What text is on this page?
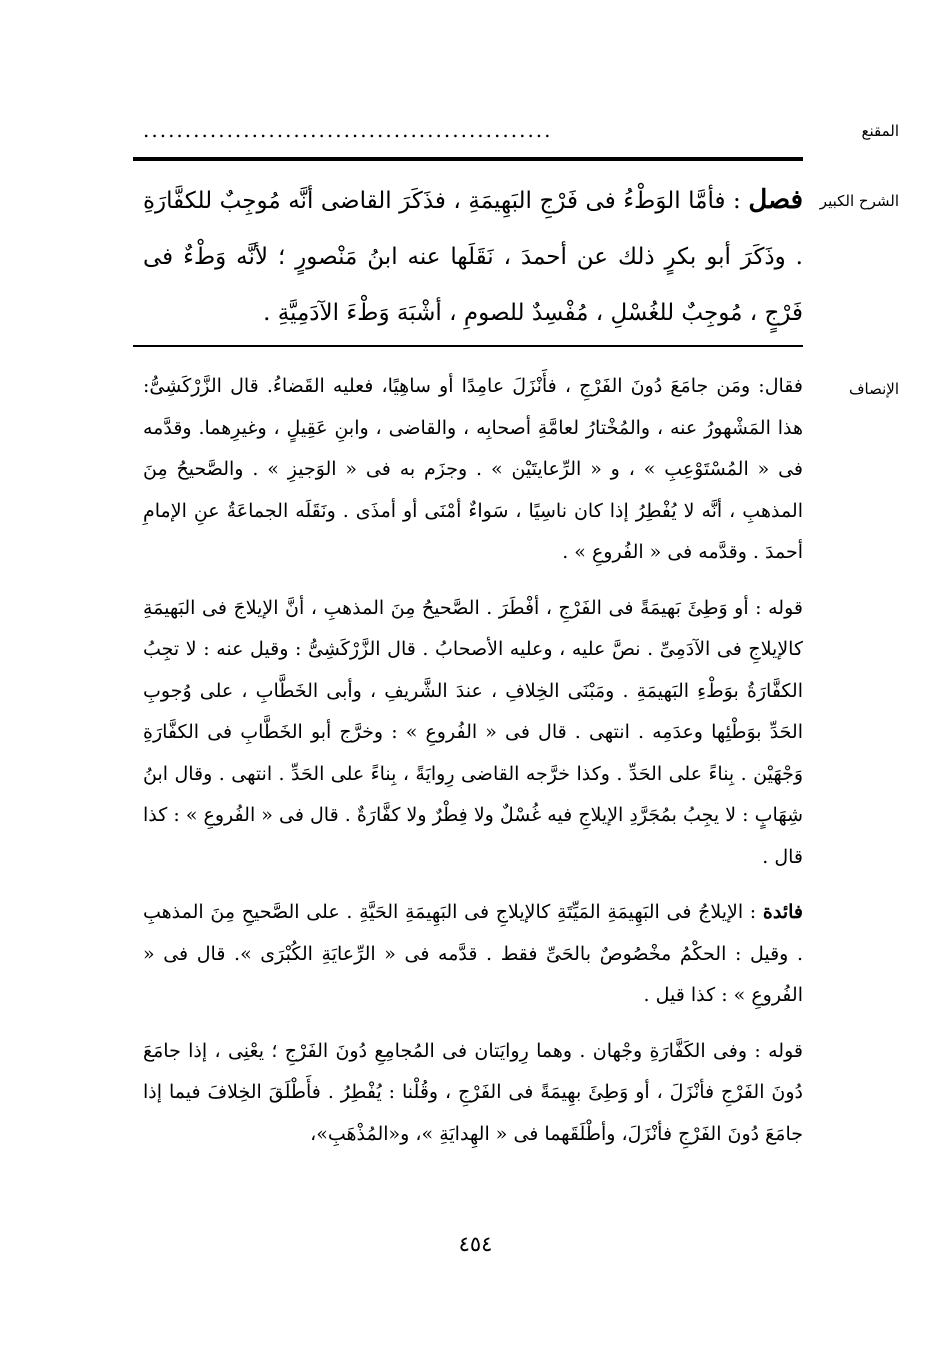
المقنع
.................................................
الشرح الكبير
فصل : فأمَّا الوَطْءُ فى فَرْجِ البَهِيمَةِ ، فذَكَرَ القاضى أنَّه مُوجِبٌ للكفَّارَةِ . وذَكَرَ أبو بكرٍ ذلك عن أحمدَ ، نَقَلَها عنه ابنُ مَنْصورٍ ؛ لأنَّه وَطْءٌ فى فَرْجٍ ، مُوجِبٌ للغُسْلِ ، مُفْسِدٌ للصومِ ، أشْبَهَ وَطْءَ الآدَمِيَّةِ .
الإنصاف

فقال: ومَن جامَعَ دُونَ الفَرْجِ ، فأَنْزَلَ عامِدًا أو ساهِيًا، فعليه القَضاءُ. قال الزَّرْكَشِىُّ: هذا المَشْهورُ عنه ، والمُخْتارُ لعامَّةِ أصحابِه ، والقاضى ، وابنِ عَقِيلٍ ، وغيرِهما. وقدَّمه فى « المُسْتَوْعِبِ » ، و « الرِّعايتَيْن » . وجزَم به فى « الوَجيزِ » . والصَّحيحُ مِنَ المذهبِ ، أنَّه لا يُفْطِرُ إذا كان ناسِيًا ، سَواءٌ أمْنَى أو أمذَى . ونَقَلَه الجماعَةُ عنِ الإمامِ أحمدَ . وقدَّمه فى « الفُروعِ » .

قوله : أو وَطِئَ بَهيمَةً فى الفَرْجِ ، أفْطَرَ . الصَّحيحُ مِنَ المذهبِ ، أنَّ الإيلاجَ فى البَهيمَةِ كالإيلاجِ فى الآدَمِىِّ . نصَّ عليه ، وعليه الأصحابُ . قال الزَّرْكَشِىُّ : وقيل عنه : لا تجِبُ الكفَّارَةُ بوَطْءِ البَهيمَةِ . ومَبْنَى الخِلافِ ، عندَ الشَّريفِ ، وأبى الخَطَّابِ ، على وُجوبِ الحَدِّ بوَطْئِها وعدَمِه . انتهى . قال فى « الفُروعِ » : وخرَّج أبو الخَطَّابِ فى الكفَّارَةِ وَجْهَيْن . بِناءً على الحَدِّ . وكذا خرَّجه القاضى رِوايَةً ، بِناءً على الحَدِّ . انتهى . وقال ابنُ شِهَابٍ : لا يجِبُ بمُجَرَّدِ الإيلاجِ فيه غُسْلٌ ولا فِطْرٌ ولا كفَّارَةٌ . قال فى « الفُروعِ » : كذا قال .

فائدة : الإيلاجُ فى البَهِيمَةِ المَيِّتَةِ كالإيلاجِ فى البَهِيمَةِ الحَيَّةِ . على الصَّحيحِ مِنَ المذهبِ . وقيل : الحكْمُ مخْصُوصٌ بالحَىِّ فقط . قدَّمه فى « الرِّعايَةِ الكُبْرَى ». قال فى « الفُروعِ » : كذا قيل .

قوله : وفى الكَفَّارَةِ وجْهان . وهما رِوايَتان فى المُجامِعِ دُونَ الفَرْجِ ؛ يعْنِى ، إذا جامَعَ دُونَ الفَرْجِ فأنْزَلَ ، أو وَطِئَ بهِيمَةً فى الفَرْجِ ، وقُلْنا : يُفْطِرُ . فأَطْلَقَ الخِلافَ فيما إذا جامَعَ دُونَ الفَرْجِ فأنْزَلَ، وأطْلَقَهما فى « الهِدايَةِ »، و«المُذْهَبِ»،

٤٥٤
